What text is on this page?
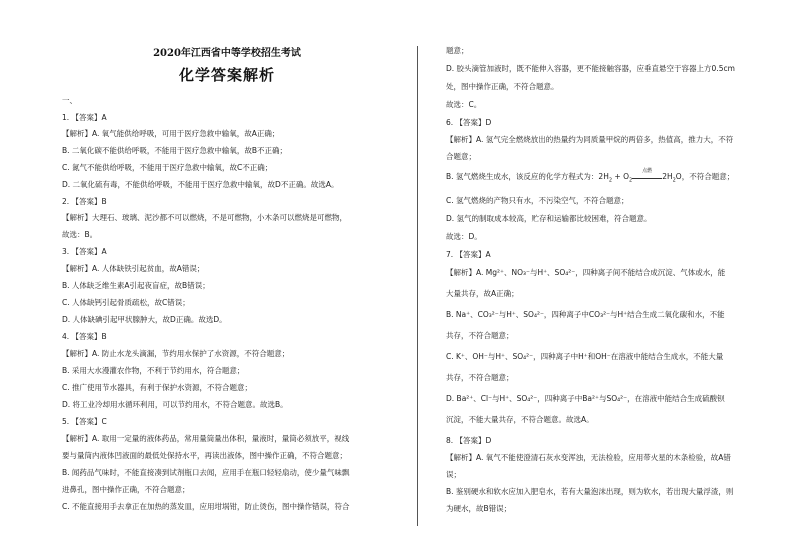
2020年江西省中等学校招生考试
化学答案解析
一、
1. 【答案】A
【解析】A. 氧气能供给呼吸，可用于医疗急救中输氧，故A正确；
B. 二氧化碳不能供给呼吸，不能用于医疗急救中输氧，故B不正确；
C. 氮气不能供给呼吸，不能用于医疗急救中输氧，故C不正确；
D. 二氧化硫有毒，不能供给呼吸，不能用于医疗急救中输氧，故D不正确。故选A。
2. 【答案】B
【解析】大理石、玻璃、泥沙都不可以燃烧，不是可燃物，小木条可以燃烧是可燃物，
故选：B。
3. 【答案】A
【解析】A. 人体缺铁引起贫血，故A错误；
B. 人体缺乏维生素A引起夜盲症，故B错误；
C. 人体缺钙引起骨质疏松，故C错误；
D. 人体缺碘引起甲状腺肿大，故D正确。故选D。
4. 【答案】B
【解析】A. 防止水龙头滴漏，节约用水保护了水资源，不符合题意；
B. 采用大水漫灌农作物，不利于节约用水，符合题意；
C. 推广使用节水器具，有利于保护水资源，不符合题意；
D. 将工业冷却用水循环利用，可以节约用水，不符合题意。故选B。
5. 【答案】C
【解析】A. 取用一定量的液体药品，常用量筒量出体积，量液时，量筒必须放平，视线
要与量筒内液体凹液面的最低处保持水平，再读出液体，图中操作正确，不符合题意；
B. 闻药品气味时，不能直接凑到试剂瓶口去闻，应用手在瓶口轻轻扇动，使少量气味飘
进鼻孔，图中操作正确，不符合题意；
C. 不能直接用手去拿正在加热的蒸发皿，应用坩埚钳，防止烫伤，图中操作错误，符合
题意；
D. 胶头滴管加液时，既不能伸入容器，更不能接触容器，应垂直悬空于容器上方0.5cm
处，图中操作正确，不符合题意。
故选：C。
6. 【答案】D
【解析】A. 氢气完全燃烧放出的热量约为同质量甲烷的两倍多，热值高，推力大，不符
合题意；
B. 氢气燃烧生成水，该反应的化学方程式为：$2H_2 + O_2$
点燃
$2H_2O$，不符合题意；
C. 氢气燃烧的产物只有水，不污染空气，不符合题意；
D. 氢气的制取成本较高，贮存和运输都比较困难，符合题意。
故选：D。
7. 【答案】A
【解析】A. Mg²⁺、NO₃⁻与H⁺、SO₄²⁻，四种离子间不能结合成沉淀、气体或水，能
大量共存，故A正确；
B. Na⁺、CO₃²⁻与H⁺、SO₄²⁻，四种离子中CO₃²⁻与H⁺结合生成二氧化碳和水，不能
共存，不符合题意；
C. K⁺、OH⁻与H⁺、SO₄²⁻，四种离子中H⁺和OH⁻在溶液中能结合生成水，不能大量
共存，不符合题意；
D. Ba²⁺、Cl⁻与H⁺、SO₄²⁻，四种离子中Ba²⁺与SO₄²⁻，在溶液中能结合生成硫酸钡
沉淀，不能大量共存，不符合题意。故选A。
8. 【答案】D
【解析】A. 氧气不能使澄清石灰水变浑浊，无法检验，应用带火星的木条检验，故A错
误；
B. 鉴别硬水和软水应加入肥皂水，若有大量泡沫出现，则为软水，若出现大量浮渣，则
为硬水，故B错误；
